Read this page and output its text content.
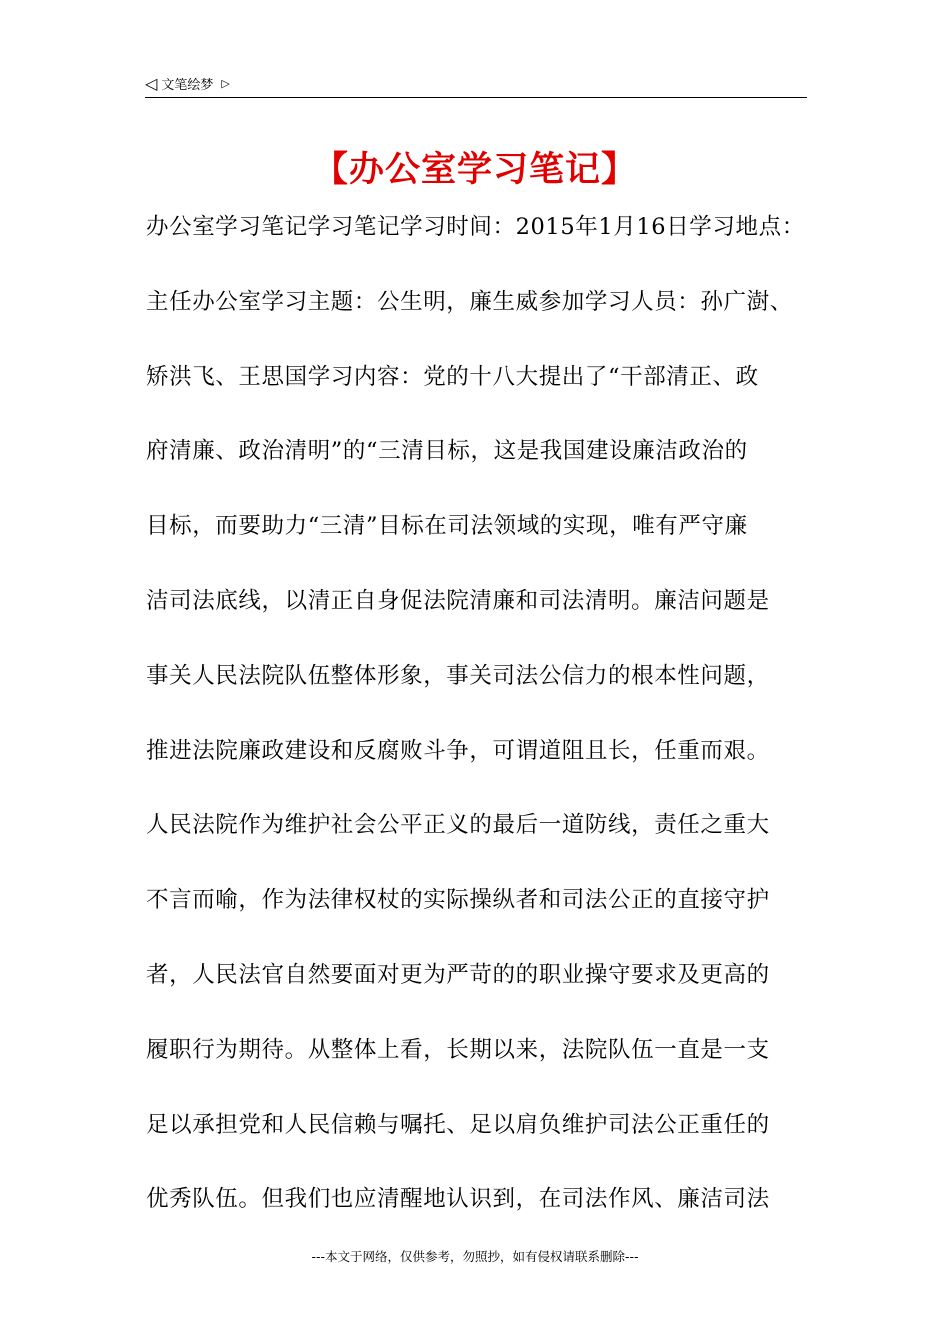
◁ 文笔绘梦 ▷
【办公室学习笔记】
办公室学习笔记学习笔记学习时间：2015年1月16日学习地点：
主任办公室学习主题：公生明，廉生威参加学习人员：孙广澍、
矫洪飞、王思国学习内容：党的十八大提出了“干部清正、政
府清廉、政治清明”的“三清目标，这是我国建设廉洁政治的
目标，而要助力“三清”目标在司法领域的实现，唯有严守廉
洁司法底线，以清正自身促法院清廉和司法清明。廉洁问题是
事关人民法院队伍整体形象，事关司法公信力的根本性问题，
推进法院廉政建设和反腐败斗争，可谓道阻且长，任重而艰。
人民法院作为维护社会公平正义的最后一道防线，责任之重大
不言而喻，作为法律权杖的实际操纵者和司法公正的直接守护
者，人民法官自然要面对更为严苛的的职业操守要求及更高的
履职行为期待。从整体上看，长期以来，法院队伍一直是一支
足以承担党和人民信赖与嘱托、足以肩负维护司法公正重任的
优秀队伍。但我们也应清醒地认识到，在司法作风、廉洁司法
---本文于网络，仅供参考，勿照抄，如有侵权请联系删除---
